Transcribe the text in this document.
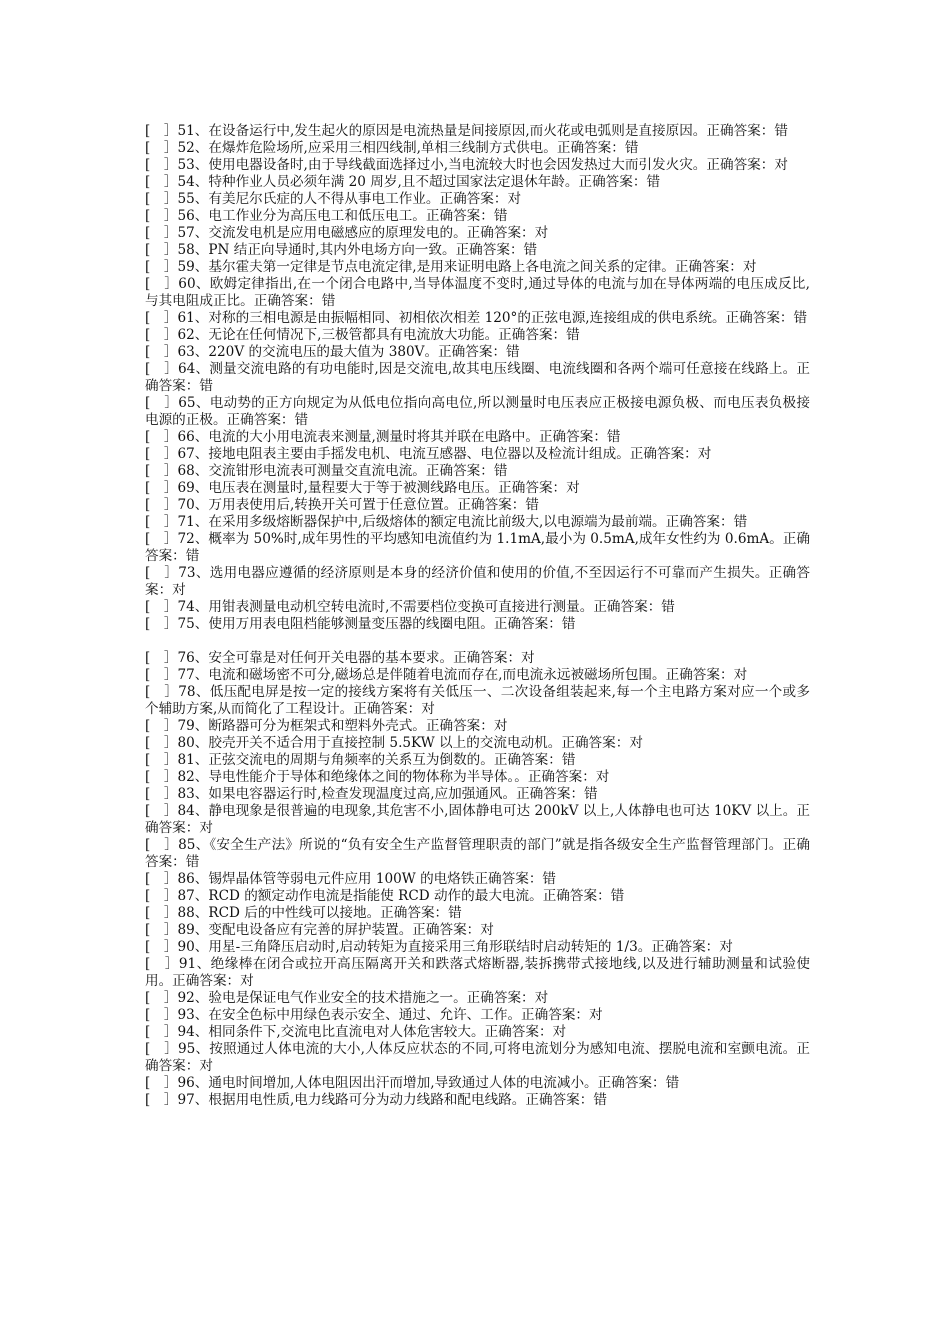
[　］51、在设备运行中,发生起火的原因是电流热量是间接原因,而火花或电弧则是直接原因。正确答案：错

[　］52、在爆炸危险场所,应采用三相四线制,单相三线制方式供电。正确答案：错

[　］53、使用电器设备时,由于导线截面选择过小,当电流较大时也会因发热过大而引发火灾。正确答案：对

[　］54、特种作业人员必须年满 20 周岁,且不超过国家法定退休年龄。正确答案：错

[　］55、有美尼尔氏症的人不得从事电工作业。正确答案：对

[　］56、电工作业分为高压电工和低压电工。正确答案：错

[　］57、交流发电机是应用电磁感应的原理发电的。正确答案：对

[　］58、PN 结正向导通时,其内外电场方向一致。正确答案：错

[　］59、基尔霍夫第一定律是节点电流定律,是用来证明电路上各电流之间关系的定律。正确答案：对

[　］60、欧姆定律指出,在一个闭合电路中,当导体温度不变时,通过导体的电流与加在导体两端的电压成反比,与其电阻成正比。正确答案：错

[　］61、对称的三相电源是由振幅相同、初相依次相差 120°的正弦电源,连接组成的供电系统。正确答案：错

[　］62、无论在任何情况下,三极管都具有电流放大功能。正确答案：错

[　］63、220V 的交流电压的最大值为 380V。正确答案：错

[　］64、测量交流电路的有功电能时,因是交流电,故其电压线圈、电流线圈和各两个端可任意接在线路上。正确答案：错

[　］65、电动势的正方向规定为从低电位指向高电位,所以测量时电压表应正极接电源负极、而电压表负极接电源的正极。正确答案：错

[　］66、电流的大小用电流表来测量,测量时将其并联在电路中。正确答案：错

[　］67、接地电阻表主要由手摇发电机、电流互感器、电位器以及检流计组成。正确答案：对

[　］68、交流钳形电流表可测量交直流电流。正确答案：错

[　］69、电压表在测量时,量程要大于等于被测线路电压。正确答案：对

[　］70、万用表使用后,转换开关可置于任意位置。正确答案：错

[　］71、在采用多级熔断器保护中,后级熔体的额定电流比前级大,以电源端为最前端。正确答案：错

[　］72、概率为 50%时,成年男性的平均感知电流值约为 1.1mA,最小为 0.5mA,成年女性约为 0.6mA。正确答案：错

[　］73、选用电器应遵循的经济原则是本身的经济价值和使用的价值,不至因运行不可靠而产生损失。正确答案：对

[　］74、用钳表测量电动机空转电流时,不需要档位变换可直接进行测量。正确答案：错

[　］75、使用万用表电阻档能够测量变压器的线圈电阻。正确答案：错

[　］76、安全可靠是对任何开关电器的基本要求。正确答案：对

[　］77、电流和磁场密不可分,磁场总是伴随着电流而存在,而电流永远被磁场所包围。正确答案：对

[　］78、低压配电屏是按一定的接线方案将有关低压一、二次设备组装起来,每一个主电路方案对应一个或多个辅助方案,从而简化了工程设计。正确答案：对

[　］79、断路器可分为框架式和塑料外壳式。正确答案：对

[　］80、胶壳开关不适合用于直接控制 5.5KW 以上的交流电动机。正确答案：对

[　］81、正弦交流电的周期与角频率的关系互为倒数的。正确答案：错

[　］82、导电性能介于导体和绝缘体之间的物体称为半导体。。正确答案：对

[　］83、如果电容器运行时,检查发现温度过高,应加强通风。正确答案：错

[　］84、静电现象是很普遍的电现象,其危害不小,固体静电可达 200kV 以上,人体静电也可达 10KV 以上。正确答案：对

[　］85、《安全生产法》所说的“负有安全生产监督管理职责的部门”就是指各级安全生产监督管理部门。正确答案：错

[　］86、锡焊晶体管等弱电元件应用 100W 的电烙铁正确答案：错

[　］87、RCD 的额定动作电流是指能使 RCD 动作的最大电流。正确答案：错

[　］88、RCD 后的中性线可以接地。正确答案：错

[　］89、变配电设备应有完善的屏护装置。正确答案：对

[　］90、用星-三角降压启动时,启动转矩为直接采用三角形联结时启动转矩的 1/3。正确答案：对

[　］91、绝缘棒在闭合或拉开高压隔离开关和跌落式熔断器,装拆携带式接地线,以及进行辅助测量和试验使用。正确答案：对

[　］92、验电是保证电气作业安全的技术措施之一。正确答案：对

[　］93、在安全色标中用绿色表示安全、通过、允许、工作。正确答案：对

[　］94、相同条件下,交流电比直流电对人体危害较大。正确答案：对

[　］95、按照通过人体电流的大小,人体反应状态的不同,可将电流划分为感知电流、摆脱电流和室颤电流。正确答案：对

[　］96、通电时间增加,人体电阻因出汗而增加,导致通过人体的电流减小。正确答案：错

[　］97、根据用电性质,电力线路可分为动力线路和配电线路。正确答案：错
